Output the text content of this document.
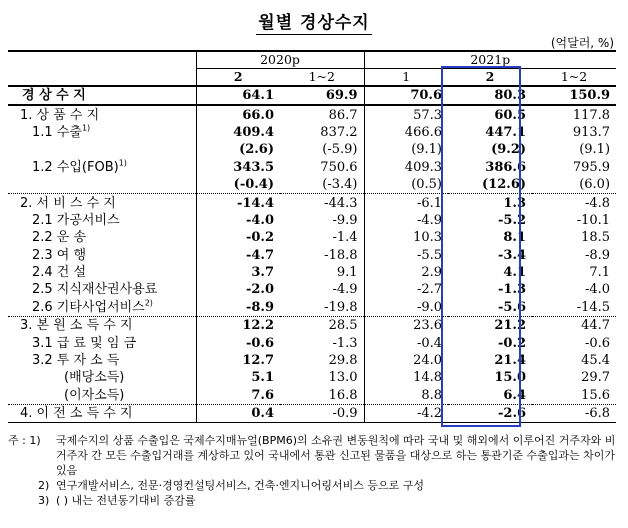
월별 경상수지
(억달러, %)
	2020p		2021p		
	2	1~2	1	2	1~2
경 상 수 지	64.1	69.9	70.6	80.3	150.9
1. 상 품 수 지	66.0	86.7	57.3	60.5	117.8
1.1 수출$^{1)}$	409.4	837.2	466.6	447.1	913.7
	(2.6)	(-5.9)	(9.1)	(9.2)	(9.1)
1.2 수입(FOB)$^{1)}$	343.5	750.6	409.3	386.6	795.9
	(-0.4)	(-3.4)	(0.5)	(12.6)	(6.0)
2. 서 비 스 수 지	-14.4	-44.3	-6.1	1.3	-4.8
2.1 가공서비스	-4.0	-9.9	-4.9	-5.2	-10.1
2.2 운 송	-0.2	-1.4	10.3	8.1	18.5
2.3 여 행	-4.7	-18.8	-5.5	-3.4	-8.9
2.4 건 설	3.7	9.1	2.9	4.1	7.1
2.5 지식재산권사용료	-2.0	-4.9	-2.7	-1.3	-4.0
2.6 기타사업서비스$^{2)}$	-8.9	-19.8	-9.0	-5.6	-14.5
3. 본 원 소 득 수 지	12.2	28.5	23.6	21.2	44.7
3.1 급 료 및 임 금	-0.6	-1.3	-0.4	-0.2	-0.6
3.2 투 자 소 득	12.7	29.8	24.0	21.4	45.4
(배당소득)	5.1	13.0	14.8	15.0	29.7
(이자소득)	7.6	16.8	8.8	6.4	15.6
4. 이 전 소 득 수 지	0.4	-0.9	-4.2	-2.6	-6.8
주 : 1) 국제수지의 상품 수출입은 국제수지매뉴얼(BPM6)의 소유권 변동원칙에 따라 국내 및 해외에서 이루어진 거주자와 비거주자 간 모든 수출입거래를 계상하고 있어 국내에서 통관 신고된 물품을 대상으로 하는 통관기준 수출입과는 차이가 있음
2) 연구개발서비스, 전문·경영컨설팅서비스, 건축·엔지니어링서비스 등으로 구성
3) ( ) 내는 전년동기대비 증감률
